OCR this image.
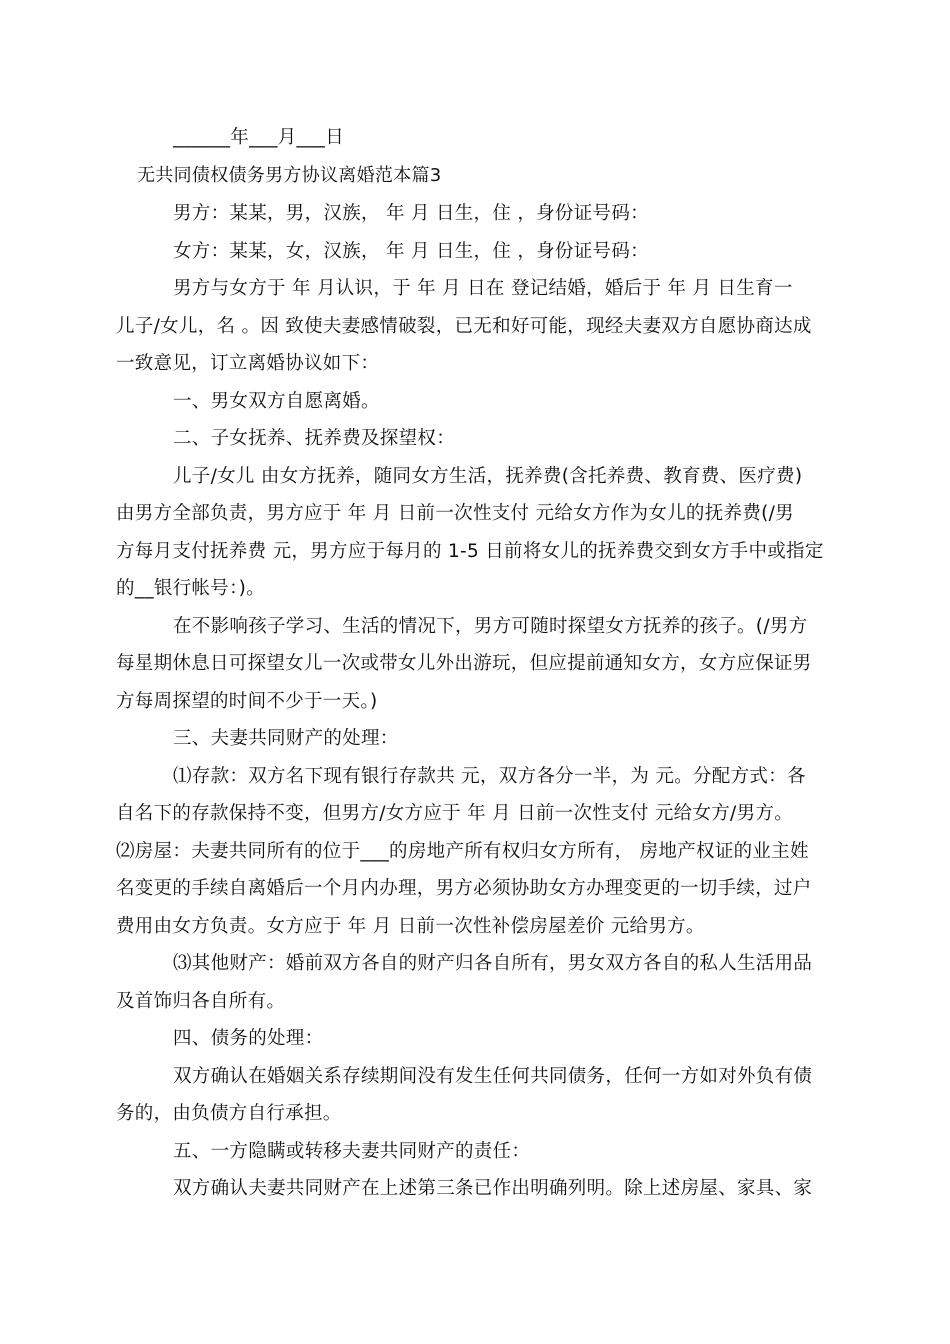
______年___月___日
无共同债权债务男方协议离婚范本篇3
男方：某某，男，汉族， 年 月 日生，住 ，身份证号码：
女方：某某，女，汉族， 年 月 日生，住 ，身份证号码：
男方与女方于 年 月认识，于 年 月 日在 登记结婚，婚后于 年 月 日生育一
儿子/女儿，名 。因 致使夫妻感情破裂，已无和好可能，现经夫妻双方自愿协商达成
一致意见，订立离婚协议如下：
一、男女双方自愿离婚。
二、子女抚养、抚养费及探望权：
儿子/女儿 由女方抚养，随同女方生活，抚养费(含托养费、教育费、医疗费)
由男方全部负责，男方应于 年 月 日前一次性支付 元给女方作为女儿的抚养费(/男
方每月支付抚养费 元，男方应于每月的 1-5 日前将女儿的抚养费交到女方手中或指定
的__银行帐号：)。
在不影响孩子学习、生活的情况下，男方可随时探望女方抚养的孩子。(/男方
每星期休息日可探望女儿一次或带女儿外出游玩，但应提前通知女方，女方应保证男
方每周探望的时间不少于一天。)
三、夫妻共同财产的处理：
⑴存款：双方名下现有银行存款共 元，双方各分一半，为 元。分配方式：各
自名下的存款保持不变，但男方/女方应于 年 月 日前一次性支付 元给女方/男方。
⑵房屋：夫妻共同所有的位于___的房地产所有权归女方所有， 房地产权证的业主姓
名变更的手续自离婚后一个月内办理，男方必须协助女方办理变更的一切手续，过户
费用由女方负责。女方应于 年 月 日前一次性补偿房屋差价 元给男方。
⑶其他财产：婚前双方各自的财产归各自所有，男女双方各自的私人生活用品
及首饰归各自所有。
四、债务的处理：
双方确认在婚姻关系存续期间没有发生任何共同债务，任何一方如对外负有债
务的，由负债方自行承担。
五、一方隐瞒或转移夫妻共同财产的责任：
双方确认夫妻共同财产在上述第三条已作出明确列明。除上述房屋、家具、家
